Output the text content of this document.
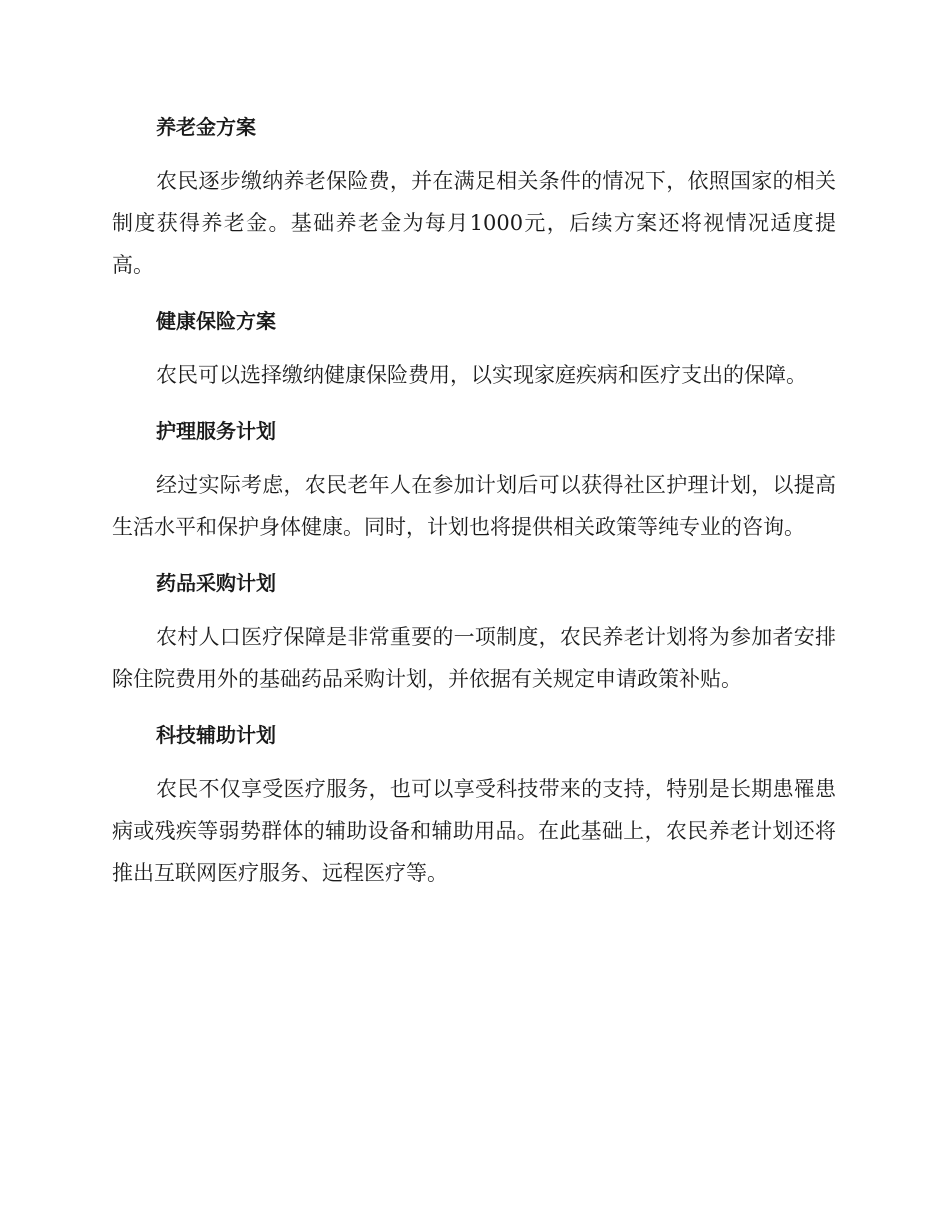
养老金方案

农民逐步缴纳养老保险费，并在满足相关条件的情况下，依照国家的相关制度获得养老金。基础养老金为每月1000元，后续方案还将视情况适度提高。

健康保险方案

农民可以选择缴纳健康保险费用，以实现家庭疾病和医疗支出的保障。

护理服务计划

经过实际考虑，农民老年人在参加计划后可以获得社区护理计划，以提高生活水平和保护身体健康。同时，计划也将提供相关政策等纯专业的咨询。

药品采购计划

农村人口医疗保障是非常重要的一项制度，农民养老计划将为参加者安排除住院费用外的基础药品采购计划，并依据有关规定申请政策补贴。

科技辅助计划

农民不仅享受医疗服务，也可以享受科技带来的支持，特别是长期患罹患病或残疾等弱势群体的辅助设备和辅助用品。在此基础上，农民养老计划还将推出互联网医疗服务、远程医疗等。
